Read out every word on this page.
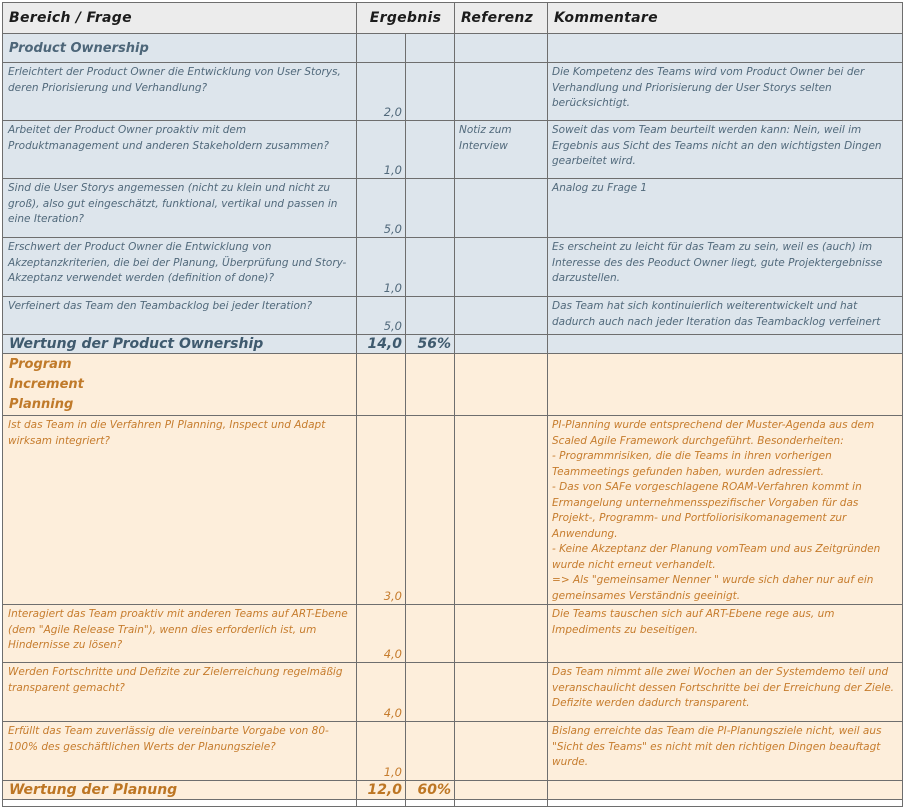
Bereich / Frage	Ergebnis		Referenz	Kommentare
Product Ownership				
Erleichtert der Product Owner die Entwicklung von User Storys, deren Priorisierung und Verhandlung?	2,0			Die Kompetenz des Teams wird vom Product Owner bei der Verhandlung und Priorisierung der User Storys selten berücksichtigt.
Arbeitet der Product Owner proaktiv mit dem Produktmanagement und anderen Stakeholdern zusammen?	1,0		Notiz zum Interview	Soweit das vom Team beurteilt werden kann: Nein, weil im Ergebnis aus Sicht des Teams nicht an den wichtigsten Dingen gearbeitet wird.
Sind die User Storys angemessen (nicht zu klein und nicht zu groß), also gut eingeschätzt, funktional, vertikal und passen in eine Iteration?	5,0			Analog zu Frage 1
Erschwert der Product Owner die Entwicklung von Akzeptanzkriterien, die bei der Planung, Überprüfung und Story-Akzeptanz verwendet werden (definition of done)?	1,0			Es erscheint zu leicht für das Team zu sein, weil es (auch) im Interesse des des Peoduct Owner liegt, gute Projektergebnisse darzustellen.
Verfeinert das Team den Teambacklog bei jeder Iteration?	5,0			Das Team hat sich kontinuierlich weiterentwickelt und hat dadurch auch nach jeder Iteration das Teambacklog verfeinert
Wertung der Product Ownership	14,0	56%		

Program Increment Planning				

Ist das Team in die Verfahren PI Planning, Inspect und Adapt wirksam integriert?	3,0			PI-Planning wurde entsprechend der Muster-Agenda aus dem Scaled Agile Framework durchgeführt. Besonderheiten:
- Programmrisiken, die die Teams in ihren vorherigen Teammeetings gefunden haben, wurden adressiert.
- Das von SAFe vorgeschlagene ROAM-Verfahren kommt in Ermangelung unternehmensspezifischer Vorgaben für das Projekt-, Programm- und Portfoliorisikomanagement zur Anwendung.
- Keine Akzeptanz der Planung vomTeam und aus Zeitgründen wurde nicht erneut verhandelt.
=> Als "gemeinsamer Nenner " wurde sich daher nur auf ein gemeinsames Verständnis geeinigt.
Interagiert das Team proaktiv mit anderen Teams auf ART-Ebene (dem "Agile Release Train"), wenn dies erforderlich ist, um Hindernisse zu lösen?	4,0			Die Teams tauschen sich auf ART-Ebene rege aus, um Impediments zu beseitigen.
Werden Fortschritte und Defizite zur Zielerreichung regelmäßig transparent gemacht?	4,0			Das Team nimmt alle zwei Wochen an der Systemdemo teil und veranschaulicht dessen Fortschritte bei der Erreichung der Ziele. Defizite werden dadurch transparent.
Erfüllt das Team zuverlässig die vereinbarte Vorgabe von 80-100% des geschäftlichen Werts der Planungsziele?	1,0			Bislang erreichte das Team die PI-Planungsziele nicht, weil aus "Sicht des Teams" es nicht mit den richtigen Dingen beauftagt wurde.
Wertung der Planung	12,0	60%		
